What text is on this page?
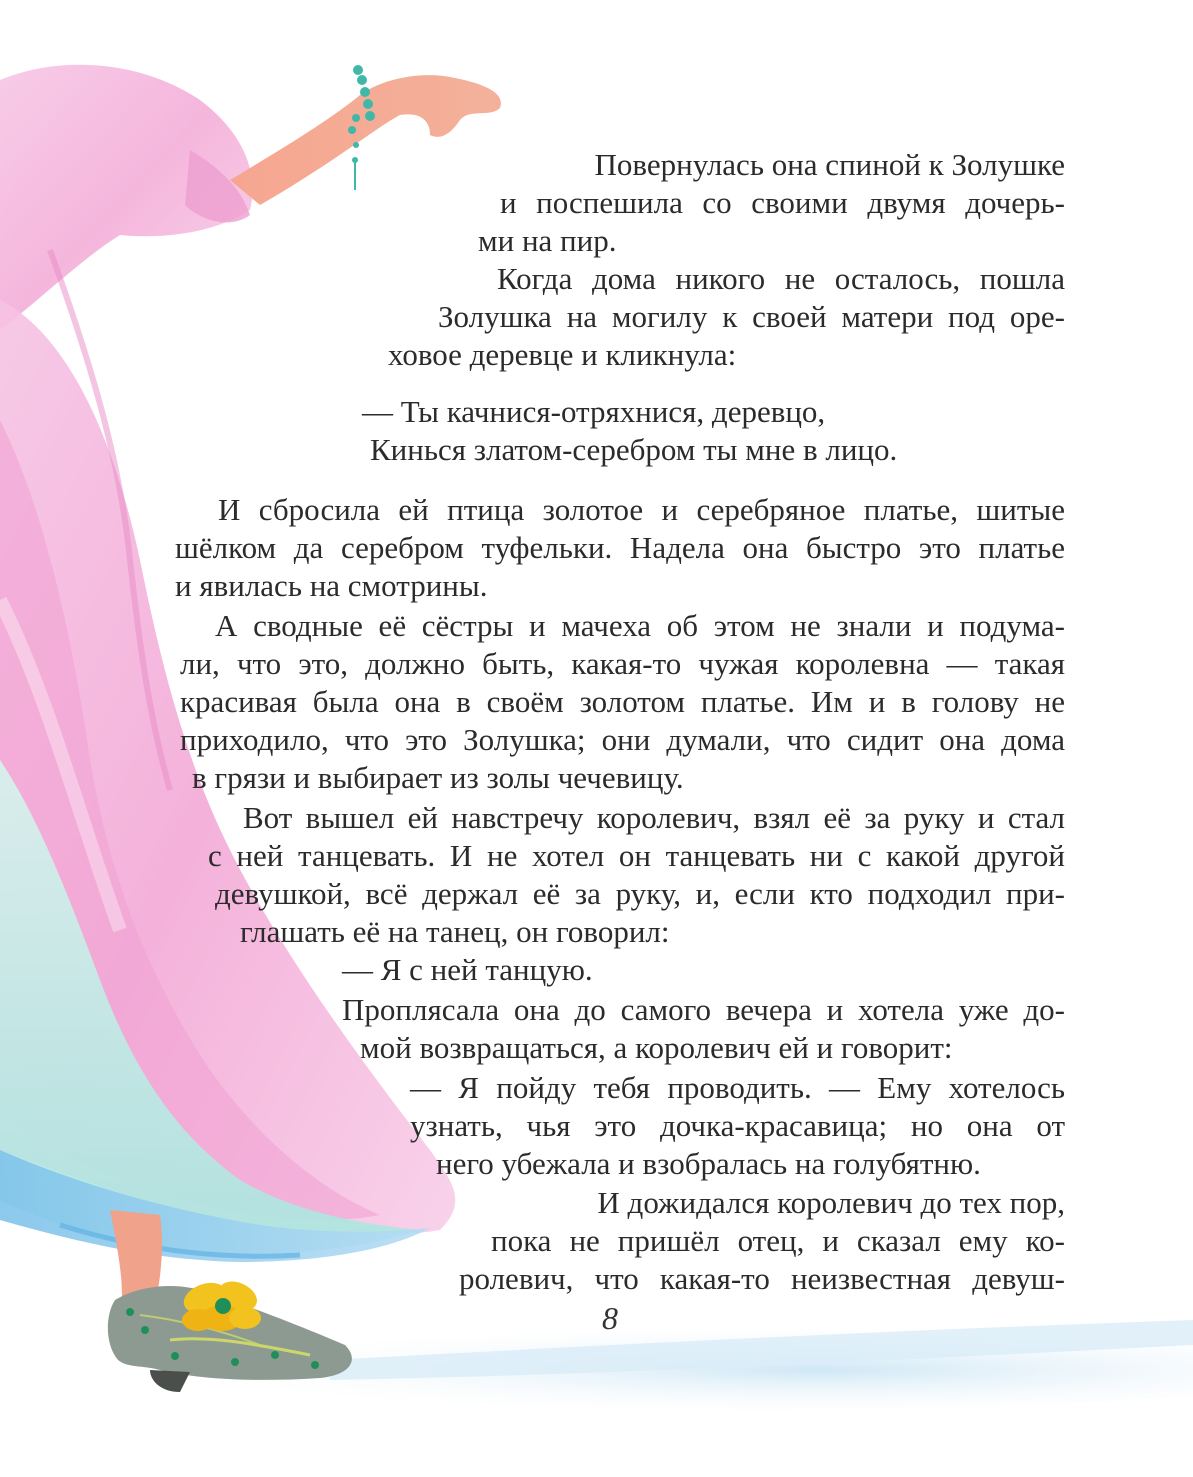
Повернулась она спиной к Золушке
и поспешила со своими двумя дочерь-
ми на пир.
Когда дома никого не осталось, пошла
Золушка на могилу к своей матери под оре-
ховое деревце и кликнула:
— Ты качнися-отряхнися, деревцо,
Кинься златом-серебром ты мне в лицо.
И сбросила ей птица золотое и серебряное платье, шитые
шёлком да серебром туфельки. Надела она быстро это платье
и явилась на смотрины.
А сводные её сёстры и мачеха об этом не знали и подума-
ли, что это, должно быть, какая-то чужая королевна — такая
красивая была она в своём золотом платье. Им и в голову не
приходило, что это Золушка; они думали, что сидит она дома
в грязи и выбирает из золы чечевицу.
Вот вышел ей навстречу королевич, взял её за руку и стал
с ней танцевать. И не хотел он танцевать ни с какой другой
девушкой, всё держал её за руку, и, если кто подходил при-
глашать её на танец, он говорил:
— Я с ней танцую.
Проплясала она до самого вечера и хотела уже до-
мой возвращаться, а королевич ей и говорит:
— Я пойду тебя проводить. — Ему хотелось
узнать, чья это дочка-красавица; но она от
него убежала и взобралась на голубятню.
И дожидался королевич до тех пор,
пока не пришёл отец, и сказал ему ко-
ролевич, что какая-то неизвестная девуш-
8
